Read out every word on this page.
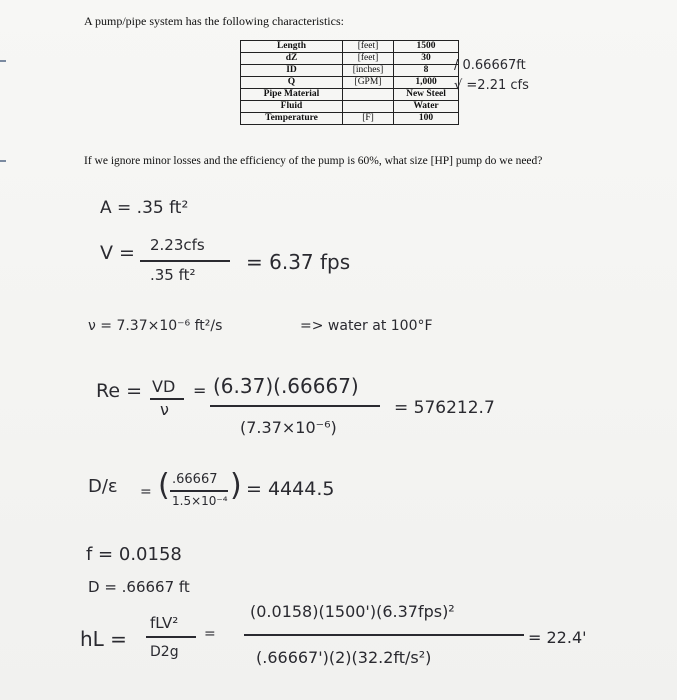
A pump/pipe system has the following characteristics:
Length	[feet]	1500
dZ	[feet]	30
ID	[inches]	8
Q	[GPM]	1,000
Pipe Material		New Steel
Fluid		Water
Temperature	[F]	100
/ 0.66667ft
√ =2.21 cfs
If we ignore minor losses and the efficiency of the pump is 60%, what size [HP] pump do we need?
A = .35 ft²
V = 2.23cfs
.35 ft²
= 6.37 fps
ν = 7.37×10⁻⁶ ft²/s	=> water at 100°F
Re = VD
ν
= (6.37)(.66667)
(7.37×10⁻⁶)
= 576212.7
D/ε = ( .66667
1.5×10⁻⁴ ) = 4444.5
f = 0.0158
D = .66667 ft
hL =
fLV²
D2g
=
(0.0158)(1500')(6.37fps)²
(.66667')(2)(32.2ft/s²)
= 22.4'
